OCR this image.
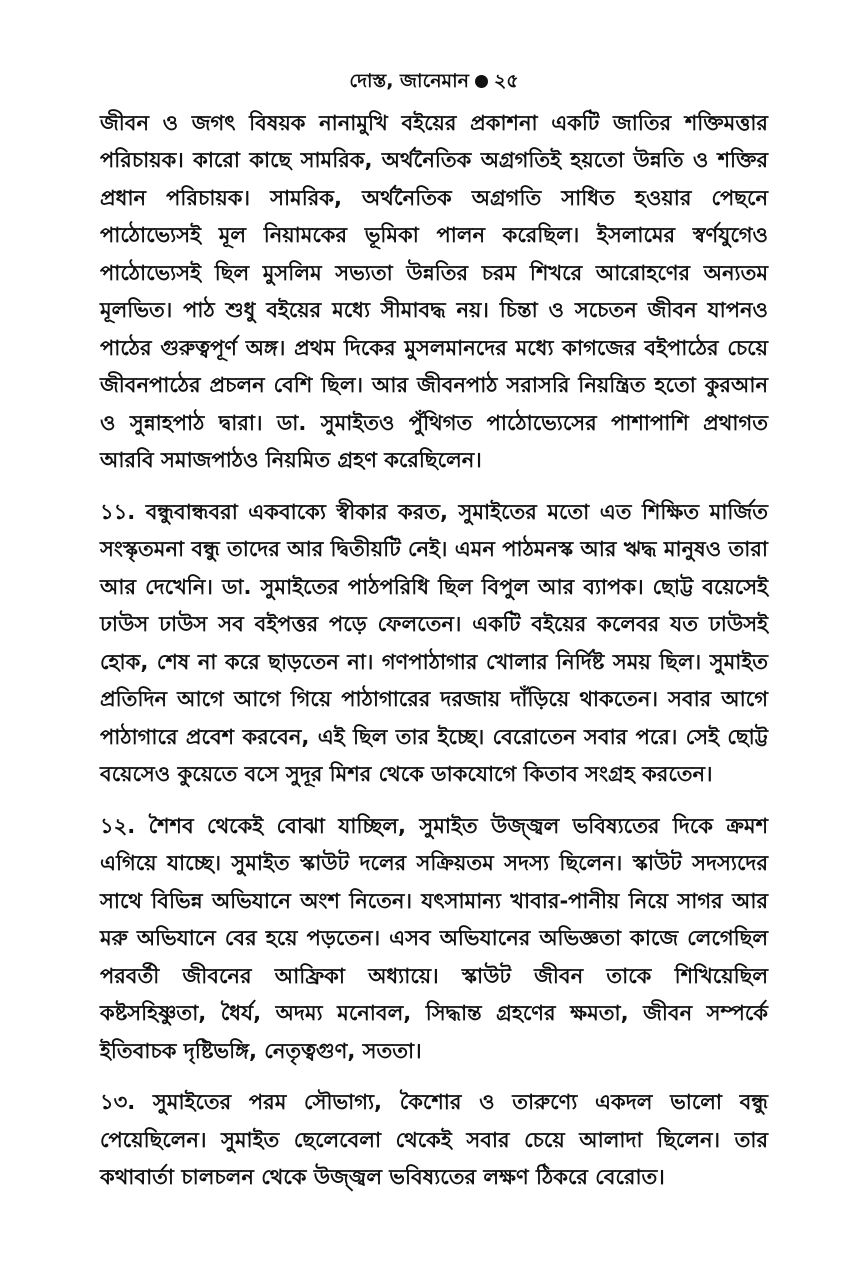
দোস্ত, জানেমান ২৫

জীবন ও জগৎ বিষয়ক নানামুখি বইয়ের প্রকাশনা একটি জাতির শক্তিমত্তার পরিচায়ক। কারো কাছে সামরিক, অর্থনৈতিক অগ্রগতিই হয়তো উন্নতি ও শক্তির প্রধান পরিচায়ক। সামরিক, অর্থনৈতিক অগ্রগতি সাধিত হওয়ার পেছনে পাঠোভ্যেসই মূল নিয়ামকের ভূমিকা পালন করেছিল। ইসলামের স্বর্ণযুগেও পাঠোভ্যেসই ছিল মুসলিম সভ্যতা উন্নতির চরম শিখরে আরোহণের অন্যতম মূলভিত। পাঠ শুধু বইয়ের মধ্যে সীমাবদ্ধ নয়। চিন্তা ও সচেতন জীবন যাপনও পাঠের গুরুত্বপূর্ণ অঙ্গ। প্রথম দিকের মুসলমানদের মধ্যে কাগজের বইপাঠের চেয়ে জীবনপাঠের প্রচলন বেশি ছিল। আর জীবনপাঠ সরাসরি নিয়ন্ত্রিত হতো কুরআন ও সুন্নাহপাঠ দ্বারা। ডা. সুমাইতও পুঁথিগত পাঠোভ্যেসের পাশাপাশি প্রথাগত আরবি সমাজপাঠও নিয়মিত গ্রহণ করেছিলেন।

১১. বন্ধুবান্ধবরা একবাক্যে স্বীকার করত, সুমাইতের মতো এত শিক্ষিত মার্জিত সংস্কৃতমনা বন্ধু তাদের আর দ্বিতীয়টি নেই। এমন পাঠমনস্ক আর ঋদ্ধ মানুষও তারা আর দেখেনি। ডা. সুমাইতের পাঠপরিধি ছিল বিপুল আর ব্যাপক। ছোট্ট বয়েসেই ঢাউস ঢাউস সব বইপত্তর পড়ে ফেলতেন। একটি বইয়ের কলেবর যত ঢাউসই হোক, শেষ না করে ছাড়তেন না। গণপাঠাগার খোলার নির্দিষ্ট সময় ছিল। সুমাইত প্রতিদিন আগে আগে গিয়ে পাঠাগারের দরজায় দাঁড়িয়ে থাকতেন। সবার আগে পাঠাগারে প্রবেশ করবেন, এই ছিল তার ইচ্ছে। বেরোতেন সবার পরে। সেই ছোট্ট বয়েসেও কুয়েতে বসে সুদূর মিশর থেকে ডাকযোগে কিতাব সংগ্রহ করতেন।

১২. শৈশব থেকেই বোঝা যাচ্ছিল, সুমাইত উজ্জ্বল ভবিষ্যতের দিকে ক্রমশ এগিয়ে যাচ্ছে। সুমাইত স্কাউট দলের সক্রিয়তম সদস্য ছিলেন। স্কাউট সদস্যদের সাথে বিভিন্ন অভিযানে অংশ নিতেন। যৎসামান্য খাবার-পানীয় নিয়ে সাগর আর মরু অভিযানে বের হয়ে পড়তেন। এসব অভিযানের অভিজ্ঞতা কাজে লেগেছিল পরবর্তী জীবনের আফ্রিকা অধ্যায়ে। স্কাউট জীবন তাকে শিখিয়েছিল কষ্টসহিষ্ণুতা, ধৈর্য, অদম্য মনোবল, সিদ্ধান্ত গ্রহণের ক্ষমতা, জীবন সম্পর্কে ইতিবাচক দৃষ্টিভঙ্গি, নেতৃত্বগুণ, সততা।

১৩. সুমাইতের পরম সৌভাগ্য, কৈশোর ও তারুণ্যে একদল ভালো বন্ধু পেয়েছিলেন। সুমাইত ছেলেবেলা থেকেই সবার চেয়ে আলাদা ছিলেন। তার কথাবার্তা চালচলন থেকে উজ্জ্বল ভবিষ্যতের লক্ষণ ঠিকরে বেরোত।
